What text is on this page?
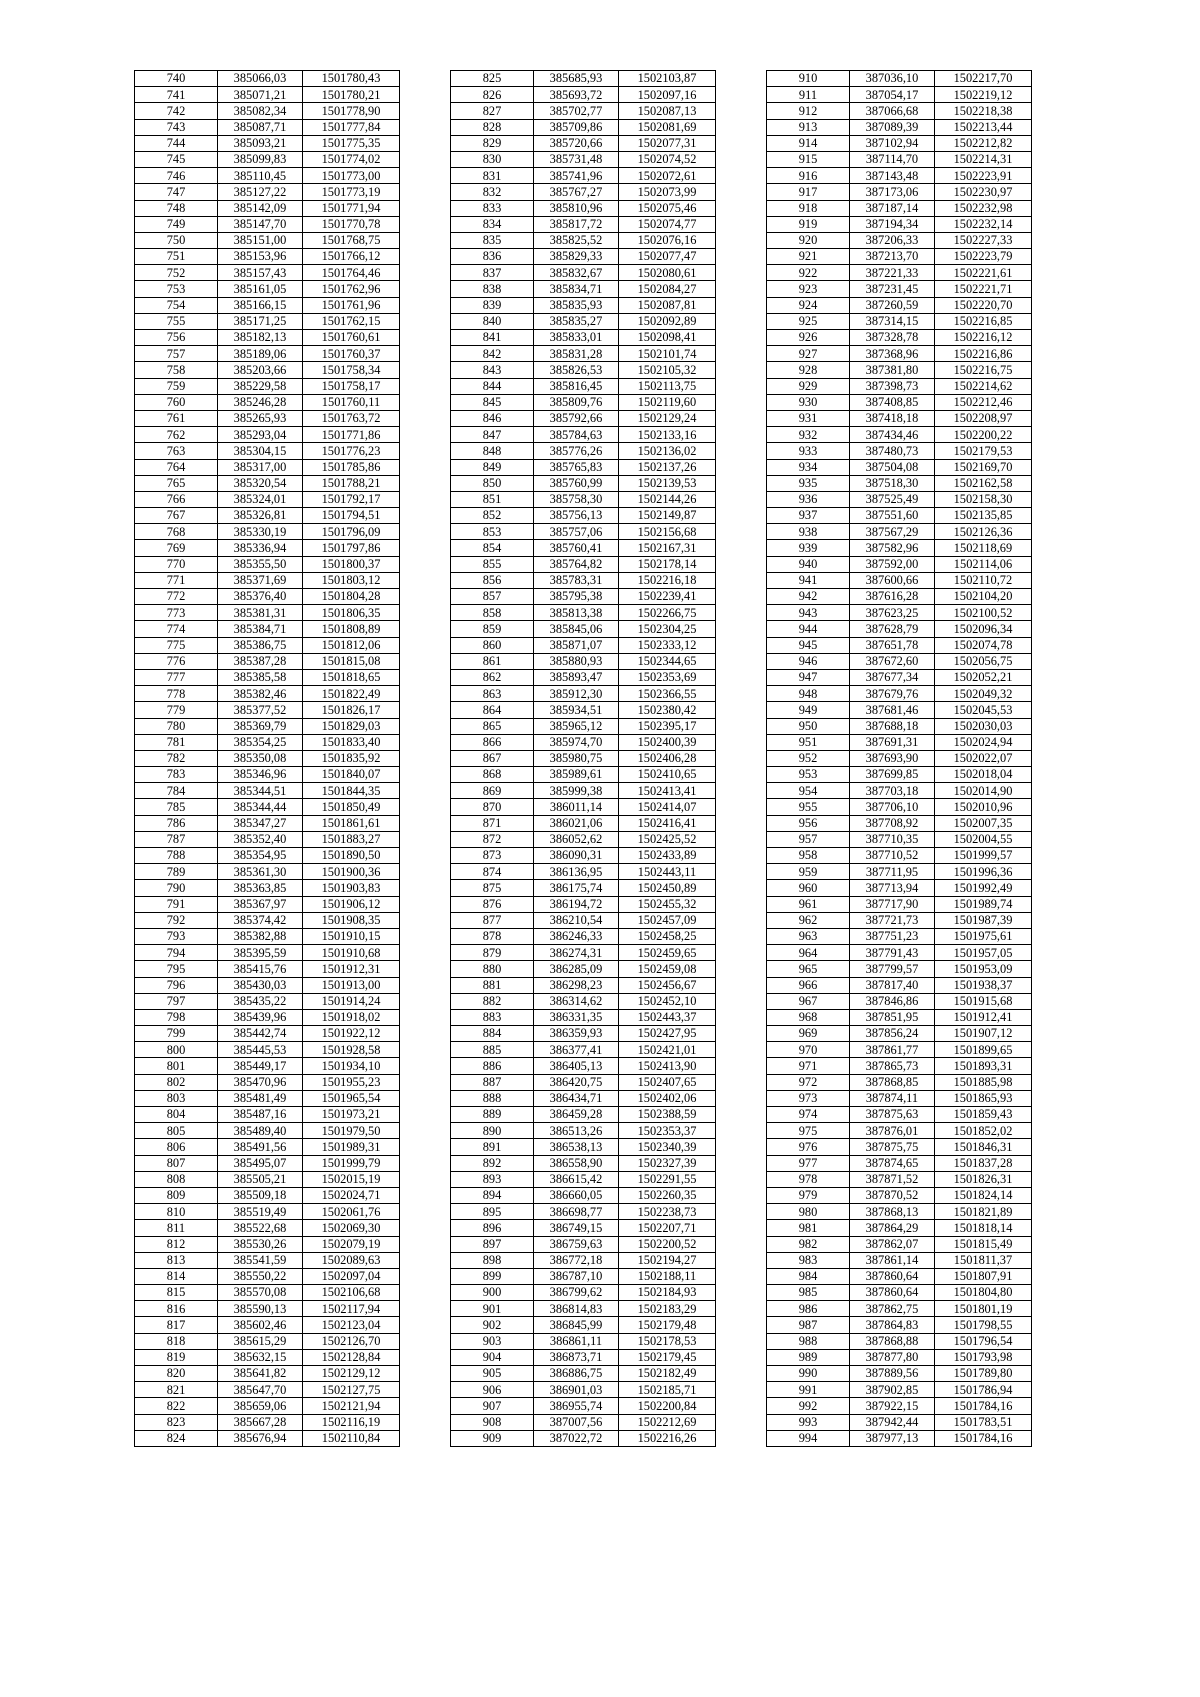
740	385066,03	1501780,43
741	385071,21	1501780,21
742	385082,34	1501778,90
743	385087,71	1501777,84
744	385093,21	1501775,35
745	385099,83	1501774,02
746	385110,45	1501773,00
747	385127,22	1501773,19
748	385142,09	1501771,94
749	385147,70	1501770,78
750	385151,00	1501768,75
751	385153,96	1501766,12
752	385157,43	1501764,46
753	385161,05	1501762,96
754	385166,15	1501761,96
755	385171,25	1501762,15
756	385182,13	1501760,61
757	385189,06	1501760,37
758	385203,66	1501758,34
759	385229,58	1501758,17
760	385246,28	1501760,11
761	385265,93	1501763,72
762	385293,04	1501771,86
763	385304,15	1501776,23
764	385317,00	1501785,86
765	385320,54	1501788,21
766	385324,01	1501792,17
767	385326,81	1501794,51
768	385330,19	1501796,09
769	385336,94	1501797,86
770	385355,50	1501800,37
771	385371,69	1501803,12
772	385376,40	1501804,28
773	385381,31	1501806,35
774	385384,71	1501808,89
775	385386,75	1501812,06
776	385387,28	1501815,08
777	385385,58	1501818,65
778	385382,46	1501822,49
779	385377,52	1501826,17
780	385369,79	1501829,03
781	385354,25	1501833,40
782	385350,08	1501835,92
783	385346,96	1501840,07
784	385344,51	1501844,35
785	385344,44	1501850,49
786	385347,27	1501861,61
787	385352,40	1501883,27
788	385354,95	1501890,50
789	385361,30	1501900,36
790	385363,85	1501903,83
791	385367,97	1501906,12
792	385374,42	1501908,35
793	385382,88	1501910,15
794	385395,59	1501910,68
795	385415,76	1501912,31
796	385430,03	1501913,00
797	385435,22	1501914,24
798	385439,96	1501918,02
799	385442,74	1501922,12
800	385445,53	1501928,58
801	385449,17	1501934,10
802	385470,96	1501955,23
803	385481,49	1501965,54
804	385487,16	1501973,21
805	385489,40	1501979,50
806	385491,56	1501989,31
807	385495,07	1501999,79
808	385505,21	1502015,19
809	385509,18	1502024,71
810	385519,49	1502061,76
811	385522,68	1502069,30
812	385530,26	1502079,19
813	385541,59	1502089,63
814	385550,22	1502097,04
815	385570,08	1502106,68
816	385590,13	1502117,94
817	385602,46	1502123,04
818	385615,29	1502126,70
819	385632,15	1502128,84
820	385641,82	1502129,12
821	385647,70	1502127,75
822	385659,06	1502121,94
823	385667,28	1502116,19
824	385676,94	1502110,84
825	385685,93	1502103,87
826	385693,72	1502097,16
827	385702,77	1502087,13
828	385709,86	1502081,69
829	385720,66	1502077,31
830	385731,48	1502074,52
831	385741,96	1502072,61
832	385767,27	1502073,99
833	385810,96	1502075,46
834	385817,72	1502074,77
835	385825,52	1502076,16
836	385829,33	1502077,47
837	385832,67	1502080,61
838	385834,71	1502084,27
839	385835,93	1502087,81
840	385835,27	1502092,89
841	385833,01	1502098,41
842	385831,28	1502101,74
843	385826,53	1502105,32
844	385816,45	1502113,75
845	385809,76	1502119,60
846	385792,66	1502129,24
847	385784,63	1502133,16
848	385776,26	1502136,02
849	385765,83	1502137,26
850	385760,99	1502139,53
851	385758,30	1502144,26
852	385756,13	1502149,87
853	385757,06	1502156,68
854	385760,41	1502167,31
855	385764,82	1502178,14
856	385783,31	1502216,18
857	385795,38	1502239,41
858	385813,38	1502266,75
859	385845,06	1502304,25
860	385871,07	1502333,12
861	385880,93	1502344,65
862	385893,47	1502353,69
863	385912,30	1502366,55
864	385934,51	1502380,42
865	385965,12	1502395,17
866	385974,70	1502400,39
867	385980,75	1502406,28
868	385989,61	1502410,65
869	385999,38	1502413,41
870	386011,14	1502414,07
871	386021,06	1502416,41
872	386052,62	1502425,52
873	386090,31	1502433,89
874	386136,95	1502443,11
875	386175,74	1502450,89
876	386194,72	1502455,32
877	386210,54	1502457,09
878	386246,33	1502458,25
879	386274,31	1502459,65
880	386285,09	1502459,08
881	386298,23	1502456,67
882	386314,62	1502452,10
883	386331,35	1502443,37
884	386359,93	1502427,95
885	386377,41	1502421,01
886	386405,13	1502413,90
887	386420,75	1502407,65
888	386434,71	1502402,06
889	386459,28	1502388,59
890	386513,26	1502353,37
891	386538,13	1502340,39
892	386558,90	1502327,39
893	386615,42	1502291,55
894	386660,05	1502260,35
895	386698,77	1502238,73
896	386749,15	1502207,71
897	386759,63	1502200,52
898	386772,18	1502194,27
899	386787,10	1502188,11
900	386799,62	1502184,93
901	386814,83	1502183,29
902	386845,99	1502179,48
903	386861,11	1502178,53
904	386873,71	1502179,45
905	386886,75	1502182,49
906	386901,03	1502185,71
907	386955,74	1502200,84
908	387007,56	1502212,69
909	387022,72	1502216,26
910	387036,10	1502217,70
911	387054,17	1502219,12
912	387066,68	1502218,38
913	387089,39	1502213,44
914	387102,94	1502212,82
915	387114,70	1502214,31
916	387143,48	1502223,91
917	387173,06	1502230,97
918	387187,14	1502232,98
919	387194,34	1502232,14
920	387206,33	1502227,33
921	387213,70	1502223,79
922	387221,33	1502221,61
923	387231,45	1502221,71
924	387260,59	1502220,70
925	387314,15	1502216,85
926	387328,78	1502216,12
927	387368,96	1502216,86
928	387381,80	1502216,75
929	387398,73	1502214,62
930	387408,85	1502212,46
931	387418,18	1502208,97
932	387434,46	1502200,22
933	387480,73	1502179,53
934	387504,08	1502169,70
935	387518,30	1502162,58
936	387525,49	1502158,30
937	387551,60	1502135,85
938	387567,29	1502126,36
939	387582,96	1502118,69
940	387592,00	1502114,06
941	387600,66	1502110,72
942	387616,28	1502104,20
943	387623,25	1502100,52
944	387628,79	1502096,34
945	387651,78	1502074,78
946	387672,60	1502056,75
947	387677,34	1502052,21
948	387679,76	1502049,32
949	387681,46	1502045,53
950	387688,18	1502030,03
951	387691,31	1502024,94
952	387693,90	1502022,07
953	387699,85	1502018,04
954	387703,18	1502014,90
955	387706,10	1502010,96
956	387708,92	1502007,35
957	387710,35	1502004,55
958	387710,52	1501999,57
959	387711,95	1501996,36
960	387713,94	1501992,49
961	387717,90	1501989,74
962	387721,73	1501987,39
963	387751,23	1501975,61
964	387791,43	1501957,05
965	387799,57	1501953,09
966	387817,40	1501938,37
967	387846,86	1501915,68
968	387851,95	1501912,41
969	387856,24	1501907,12
970	387861,77	1501899,65
971	387865,73	1501893,31
972	387868,85	1501885,98
973	387874,11	1501865,93
974	387875,63	1501859,43
975	387876,01	1501852,02
976	387875,75	1501846,31
977	387874,65	1501837,28
978	387871,52	1501826,31
979	387870,52	1501824,14
980	387868,13	1501821,89
981	387864,29	1501818,14
982	387862,07	1501815,49
983	387861,14	1501811,37
984	387860,64	1501807,91
985	387860,64	1501804,80
986	387862,75	1501801,19
987	387864,83	1501798,55
988	387868,88	1501796,54
989	387877,80	1501793,98
990	387889,56	1501789,80
991	387902,85	1501786,94
992	387922,15	1501784,16
993	387942,44	1501783,51
994	387977,13	1501784,16
